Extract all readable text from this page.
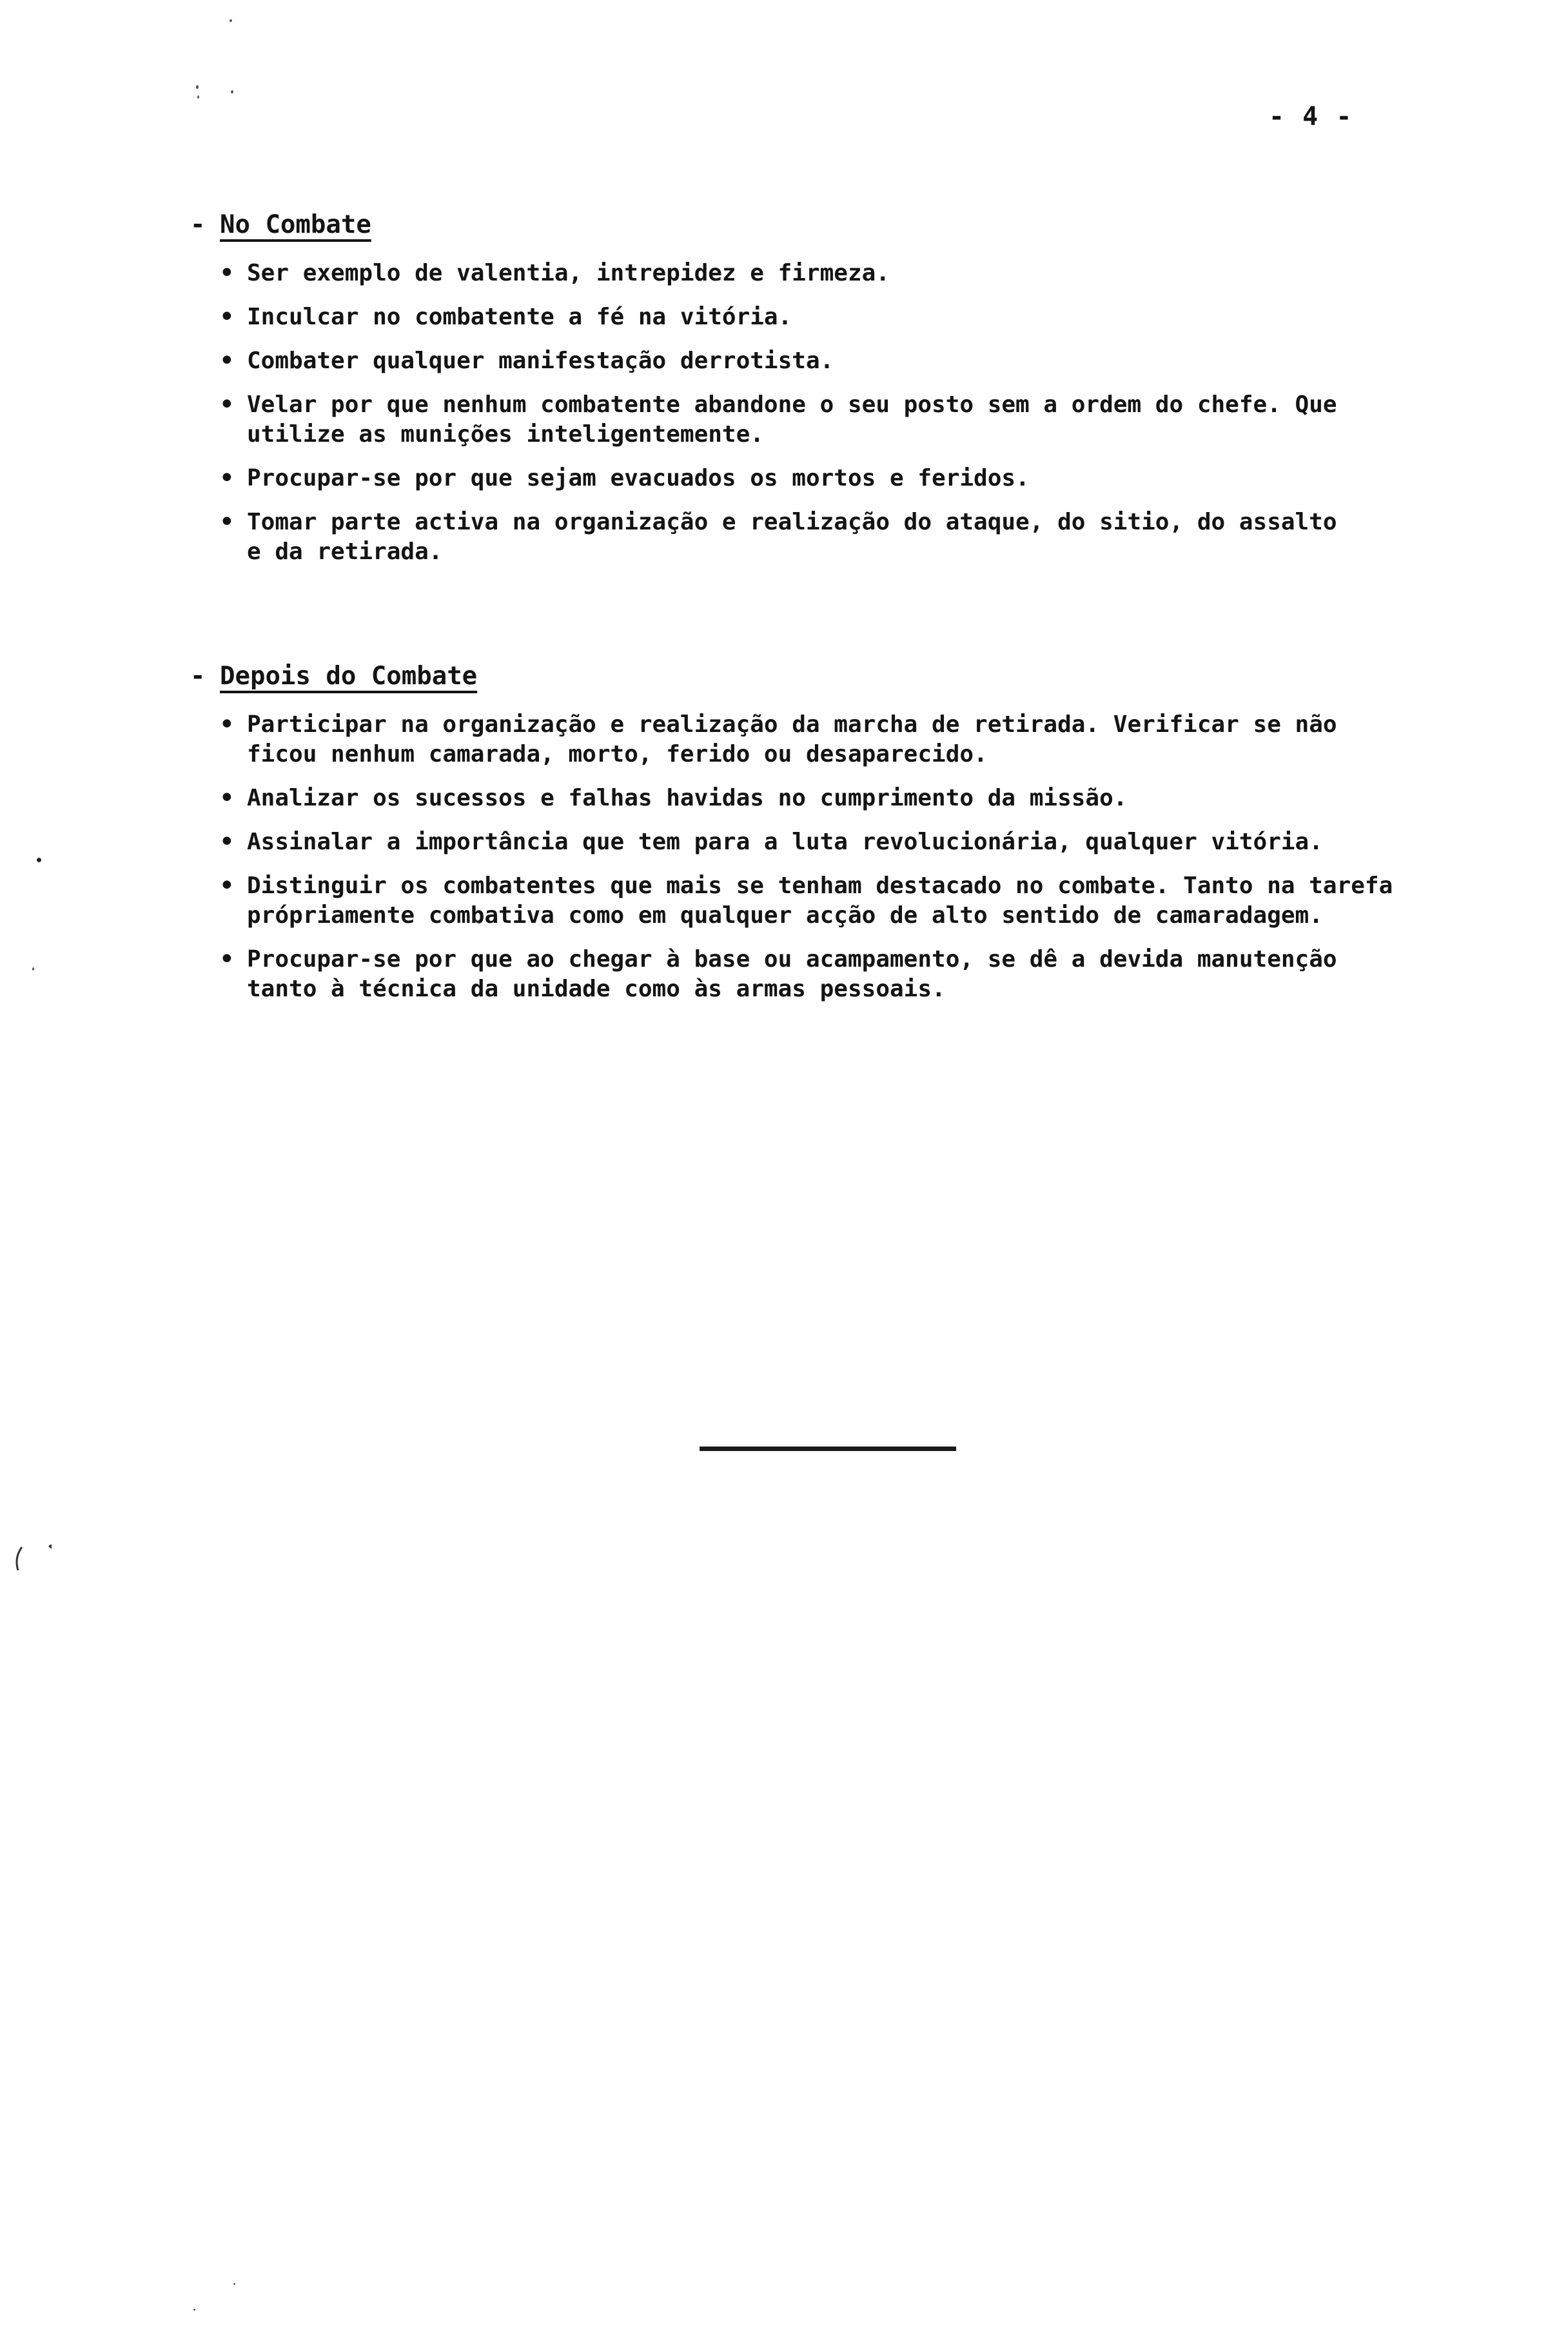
- 4 -
- No Combate
• Ser exemplo de valentia, intrepidez e firmeza.
• Inculcar no combatente a fé na vitória.
• Combater qualquer manifestação derrotista.
• Velar por que nenhum combatente abandone o seu posto sem a ordem do chefe. Que
utilize as munições inteligentemente.
• Procupar-se por que sejam evacuados os mortos e feridos.
• Tomar parte activa na organização e realização do ataque, do sitio, do assalto
e da retirada.
- Depois do Combate
• Participar na organização e realização da marcha de retirada. Verificar se não
ficou nenhum camarada, morto, ferido ou desaparecido.
• Analizar os sucessos e falhas havidas no cumprimento da missão.
• Assinalar a importância que tem para a luta revolucionária, qualquer vitória.
• Distinguir os combatentes que mais se tenham destacado no combate. Tanto na tarefa
própriamente combativa como em qualquer acção de alto sentido de camaradagem.
• Procupar-se por que ao chegar à base ou acampamento, se dê a devida manutenção
tanto à técnica da unidade como às armas pessoais.
